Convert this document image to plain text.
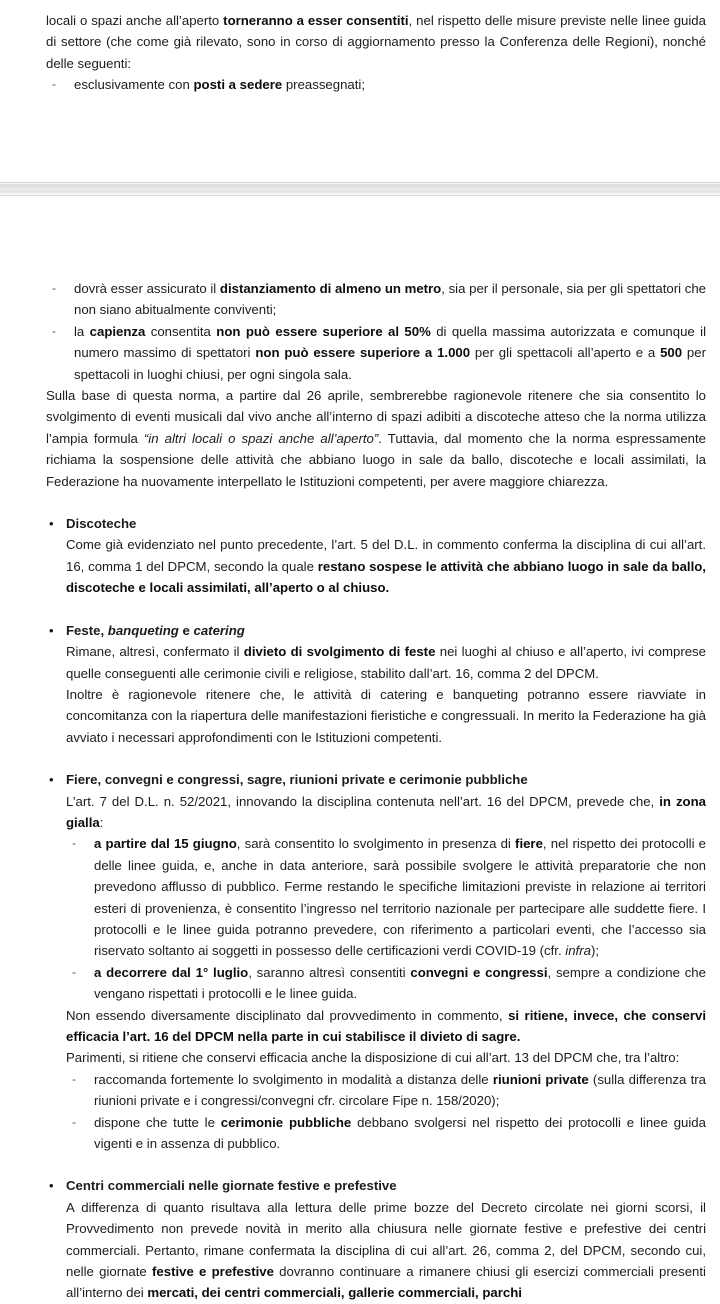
locali o spazi anche all’aperto torneranno a esser consentiti, nel rispetto delle misure previste nelle linee guida di settore (che come già rilevato, sono in corso di aggiornamento presso la Conferenza delle Regioni), nonché delle seguenti:

- esclusivamente con posti a sedere preassegnati;
- dovrà esser assicurato il distanziamento di almeno un metro, sia per il personale, sia per gli spettatori che non siano abitualmente conviventi;
- la capienza consentita non può essere superiore al 50% di quella massima autorizzata e comunque il numero massimo di spettatori non può essere superiore a 1.000 per gli spettacoli all’aperto e a 500 per spettacoli in luoghi chiusi, per ogni singola sala.

Sulla base di questa norma, a partire dal 26 aprile, sembrerebbe ragionevole ritenere che sia consentito lo svolgimento di eventi musicali dal vivo anche all’interno di spazi adibiti a discoteche atteso che la norma utilizza l’ampia formula “in altri locali o spazi anche all’aperto”. Tuttavia, dal momento che la norma espressamente richiama la sospensione delle attività che abbiano luogo in sale da ballo, discoteche e locali assimilati, la Federazione ha nuovamente interpellato le Istituzioni competenti, per avere maggiore chiarezza.

• Discoteche

Come già evidenziato nel punto precedente, l’art. 5 del D.L. in commento conferma la disciplina di cui all’art. 16, comma 1 del DPCM, secondo la quale restano sospese le attività che abbiano luogo in sale da ballo, discoteche e locali assimilati, all’aperto o al chiuso.

• Feste, banqueting e catering

Rimane, altresì, confermato il divieto di svolgimento di feste nei luoghi al chiuso e all’aperto, ivi comprese quelle conseguenti alle cerimonie civili e religiose, stabilito dall’art. 16, comma 2 del DPCM.

Inoltre è ragionevole ritenere che, le attività di catering e banqueting potranno essere riavviate in concomitanza con la riapertura delle manifestazioni fieristiche e congressuali. In merito la Federazione ha già avviato i necessari approfondimenti con le Istituzioni competenti.

• Fiere, convegni e congressi, sagre, riunioni private e cerimonie pubbliche

L’art. 7 del D.L. n. 52/2021, innovando la disciplina contenuta nell’art. 16 del DPCM, prevede che, in zona gialla:

- a partire dal 15 giugno, sarà consentito lo svolgimento in presenza di fiere, nel rispetto dei protocolli e delle linee guida, e, anche in data anteriore, sarà possibile svolgere le attività preparatorie che non prevedono afflusso di pubblico. Ferme restando le specifiche limitazioni previste in relazione ai territori esteri di provenienza, è consentito l’ingresso nel territorio nazionale per partecipare alle suddette fiere. I protocolli e le linee guida potranno prevedere, con riferimento a particolari eventi, che l’accesso sia riservato soltanto ai soggetti in possesso delle certificazioni verdi COVID-19 (cfr. infra);
- a decorrere dal 1° luglio, saranno altresì consentiti convegni e congressi, sempre a condizione che vengano rispettati i protocolli e le linee guida.

Non essendo diversamente disciplinato dal provvedimento in commento, si ritiene, invece, che conservi efficacia l’art. 16 del DPCM nella parte in cui stabilisce il divieto di sagre.

Parimenti, si ritiene che conservi efficacia anche la disposizione di cui all’art. 13 del DPCM che, tra l’altro:

- raccomanda fortemente lo svolgimento in modalità a distanza delle riunioni private (sulla differenza tra riunioni private e i congressi/convegni cfr. circolare Fipe n. 158/2020);
- dispone che tutte le cerimonie pubbliche debbano svolgersi nel rispetto dei protocolli e linee guida vigenti e in assenza di pubblico.
• Centri commerciali nelle giornate festive e prefestive

A differenza di quanto risultava alla lettura delle prime bozze del Decreto circolate nei giorni scorsi, il Provvedimento non prevede novità in merito alla chiusura nelle giornate festive e prefestive dei centri commerciali. Pertanto, rimane confermata la disciplina di cui all’art. 26, comma 2, del DPCM, secondo cui, nelle giornate festive e prefestive dovranno continuare a rimanere chiusi gli esercizi commerciali presenti all’interno dei mercati, dei centri commerciali, gallerie commerciali, parchi
